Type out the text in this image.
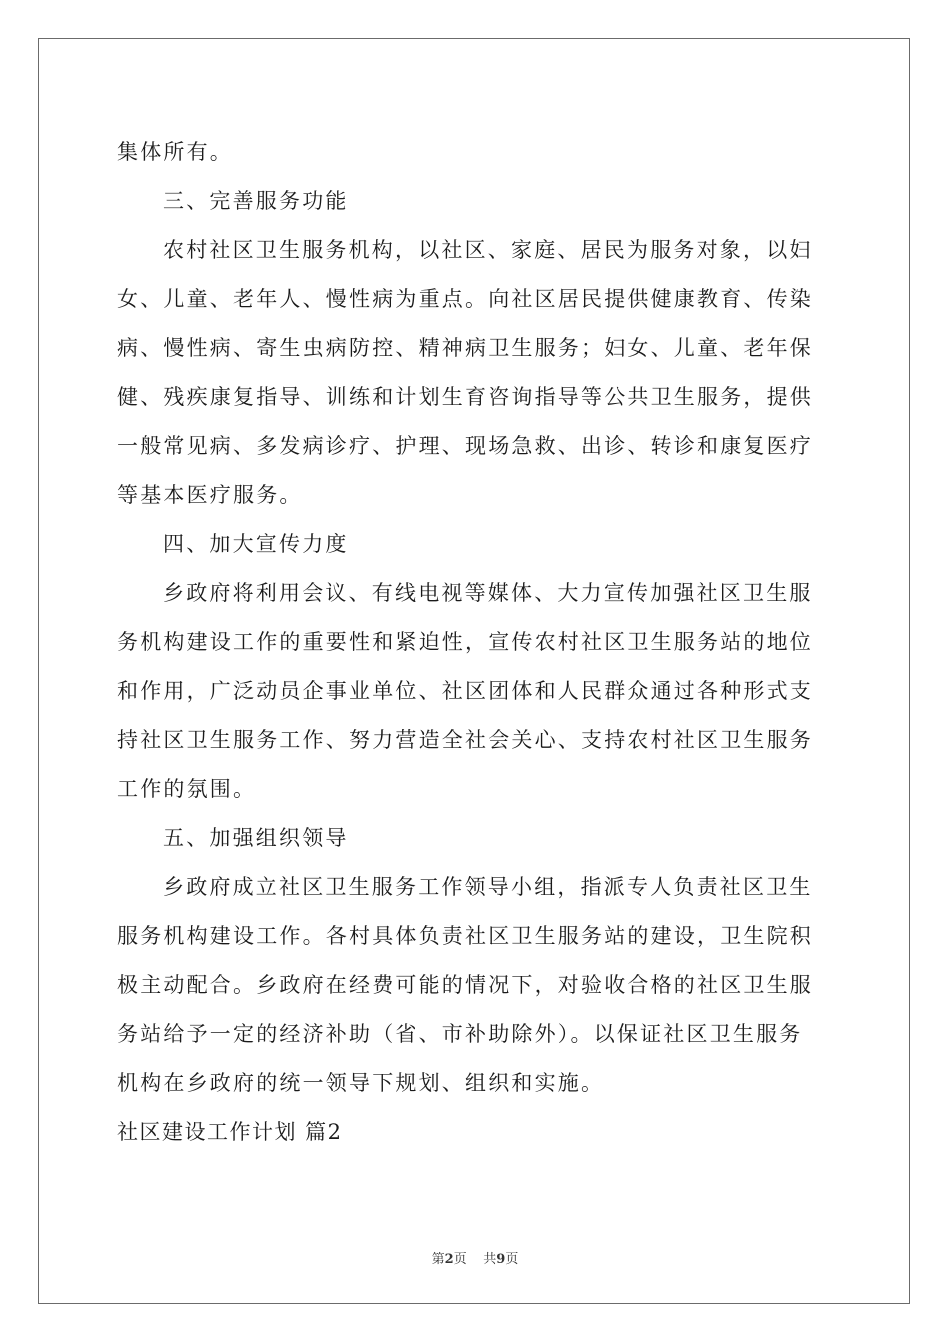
集体所有。
三、完善服务功能
农村社区卫生服务机构，以社区、家庭、居民为服务对象，以妇
女、儿童、老年人、慢性病为重点。向社区居民提供健康教育、传染
病、慢性病、寄生虫病防控、精神病卫生服务；妇女、儿童、老年保
健、残疾康复指导、训练和计划生育咨询指导等公共卫生服务，提供
一般常见病、多发病诊疗、护理、现场急救、出诊、转诊和康复医疗
等基本医疗服务。
四、加大宣传力度
乡政府将利用会议、有线电视等媒体、大力宣传加强社区卫生服
务机构建设工作的重要性和紧迫性，宣传农村社区卫生服务站的地位
和作用，广泛动员企事业单位、社区团体和人民群众通过各种形式支
持社区卫生服务工作、努力营造全社会关心、支持农村社区卫生服务
工作的氛围。
五、加强组织领导
乡政府成立社区卫生服务工作领导小组，指派专人负责社区卫生
服务机构建设工作。各村具体负责社区卫生服务站的建设，卫生院积
极主动配合。乡政府在经费可能的情况下，对验收合格的社区卫生服
务站给予一定的经济补助（省、市补助除外）。以保证社区卫生服务
机构在乡政府的统一领导下规划、组织和实施。
社区建设工作计划 篇2
第2页 共9页
